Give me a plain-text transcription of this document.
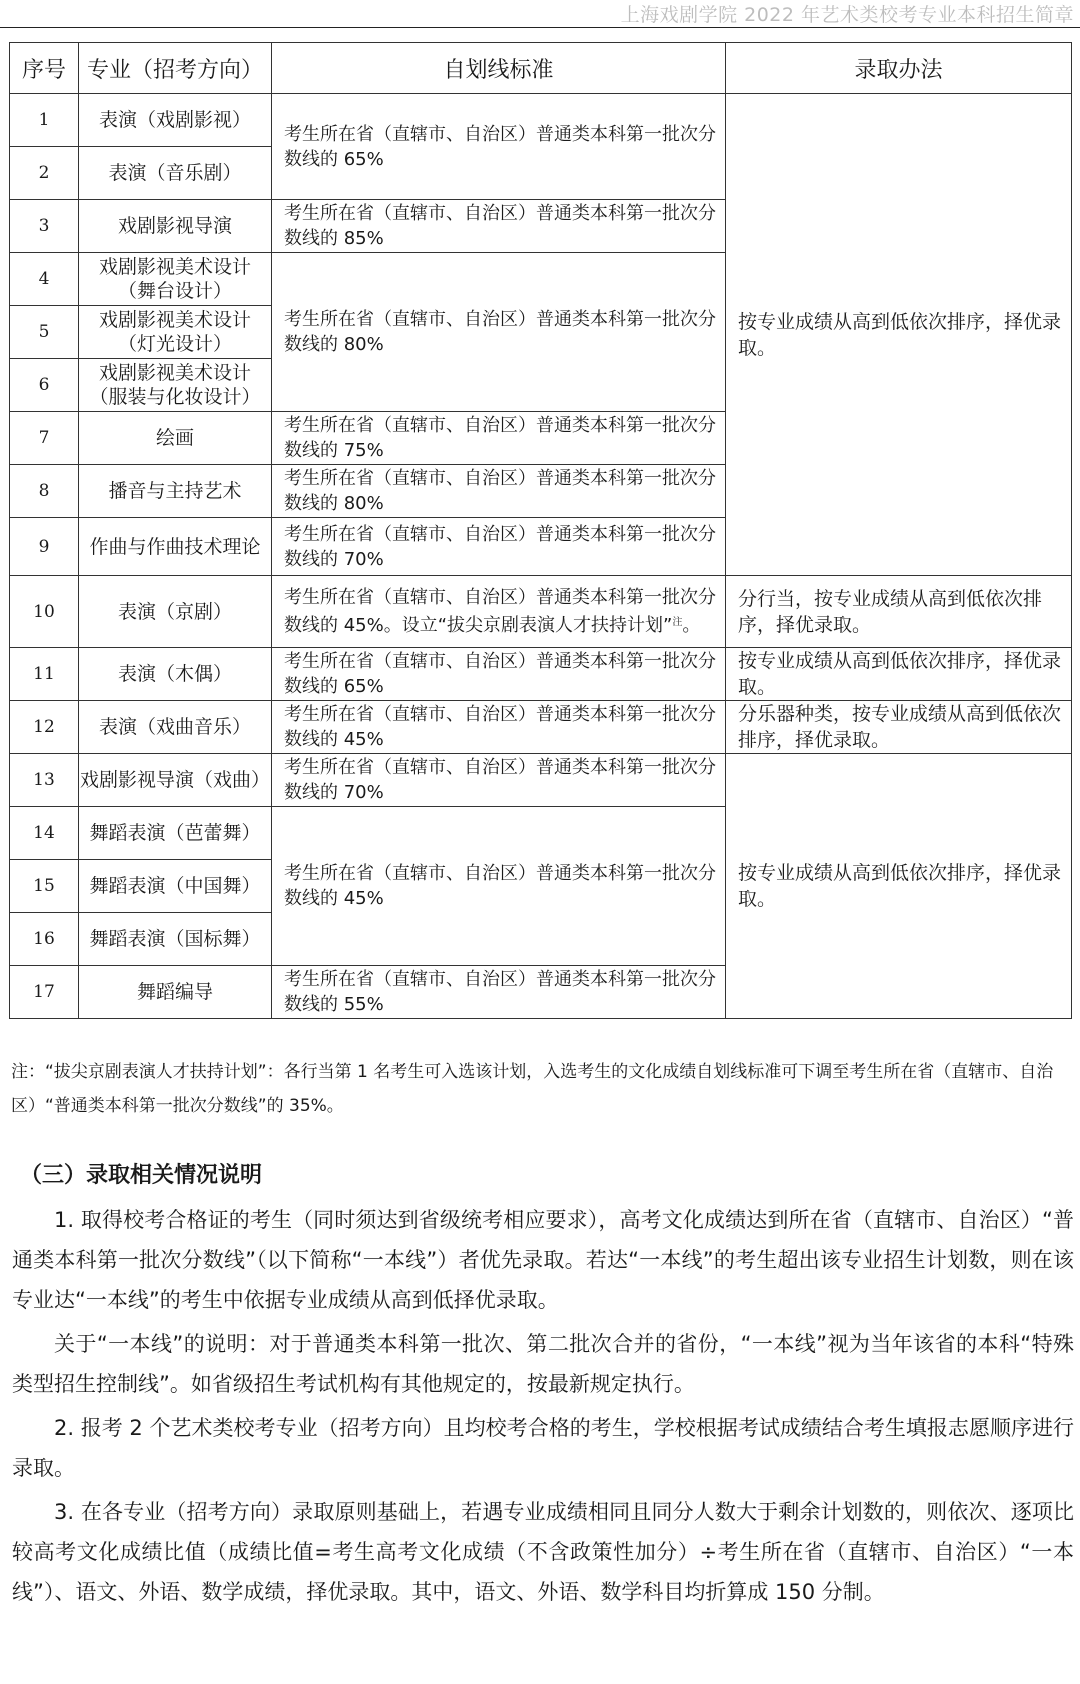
上海戏剧学院 2022 年艺术类校考专业本科招生简章
序号	专业（招考方向）	自划线标准	录取办法
1	表演（戏剧影视）	考生所在省（直辖市、自治区）普通类本科第一批次分数线的 65%	按专业成绩从高到低依次排序，择优录取。
2	表演（音乐剧）		
3	戏剧影视导演	考生所在省（直辖市、自治区）普通类本科第一批次分数线的 85%	
4	戏剧影视美术设计
（舞台设计）	考生所在省（直辖市、自治区）普通类本科第一批次分数线的 80%	
5	戏剧影视美术设计
（灯光设计）		
6	戏剧影视美术设计
（服装与化妆设计）		
7	绘画	考生所在省（直辖市、自治区）普通类本科第一批次分数线的 75%	
8	播音与主持艺术	考生所在省（直辖市、自治区）普通类本科第一批次分数线的 80%	
9	作曲与作曲技术理论	考生所在省（直辖市、自治区）普通类本科第一批次分数线的 70%	
10	表演（京剧）	考生所在省（直辖市、自治区）普通类本科第一批次分数线的 45%。设立“拔尖京剧表演人才扶持计划”$^注$。	分行当，按专业成绩从高到低依次排序，择优录取。
11	表演（木偶）	考生所在省（直辖市、自治区）普通类本科第一批次分数线的 65%	按专业成绩从高到低依次排序，择优录取。
12	表演（戏曲音乐）	考生所在省（直辖市、自治区）普通类本科第一批次分数线的 45%	分乐器种类，按专业成绩从高到低依次排序，择优录取。
13	戏剧影视导演（戏曲）	考生所在省（直辖市、自治区）普通类本科第一批次分数线的 70%	按专业成绩从高到低依次排序，择优录取。
14	舞蹈表演（芭蕾舞）	考生所在省（直辖市、自治区）普通类本科第一批次分数线的 45%	
15	舞蹈表演（中国舞）		
16	舞蹈表演（国标舞）		
17	舞蹈编导	考生所在省（直辖市、自治区）普通类本科第一批次分数线的 55%	
注：“拔尖京剧表演人才扶持计划”：各行当第 1 名考生可入选该计划，入选考生的文化成绩自划线标准可下调至考生所在省（直辖市、自治区）“普通类本科第一批次分数线”的 35%。
（三）录取相关情况说明

1. 取得校考合格证的考生（同时须达到省级统考相应要求），高考文化成绩达到所在省（直辖市、自治区）“普通类本科第一批次分数线”（以下简称“一本线”）者优先录取。若达“一本线”的考生超出该专业招生计划数，则在该专业达“一本线”的考生中依据专业成绩从高到低择优录取。

关于“一本线”的说明：对于普通类本科第一批次、第二批次合并的省份，“一本线”视为当年该省的本科“特殊类型招生控制线”。如省级招生考试机构有其他规定的，按最新规定执行。

2. 报考 2 个艺术类校考专业（招考方向）且均校考合格的考生，学校根据考试成绩结合考生填报志愿顺序进行录取。

3. 在各专业（招考方向）录取原则基础上，若遇专业成绩相同且同分人数大于剩余计划数的，则依次、逐项比较高考文化成绩比值（成绩比值=考生高考文化成绩（不含政策性加分）÷考生所在省（直辖市、自治区）“一本线”）、语文、外语、数学成绩，择优录取。其中，语文、外语、数学科目均折算成 150 分制。
